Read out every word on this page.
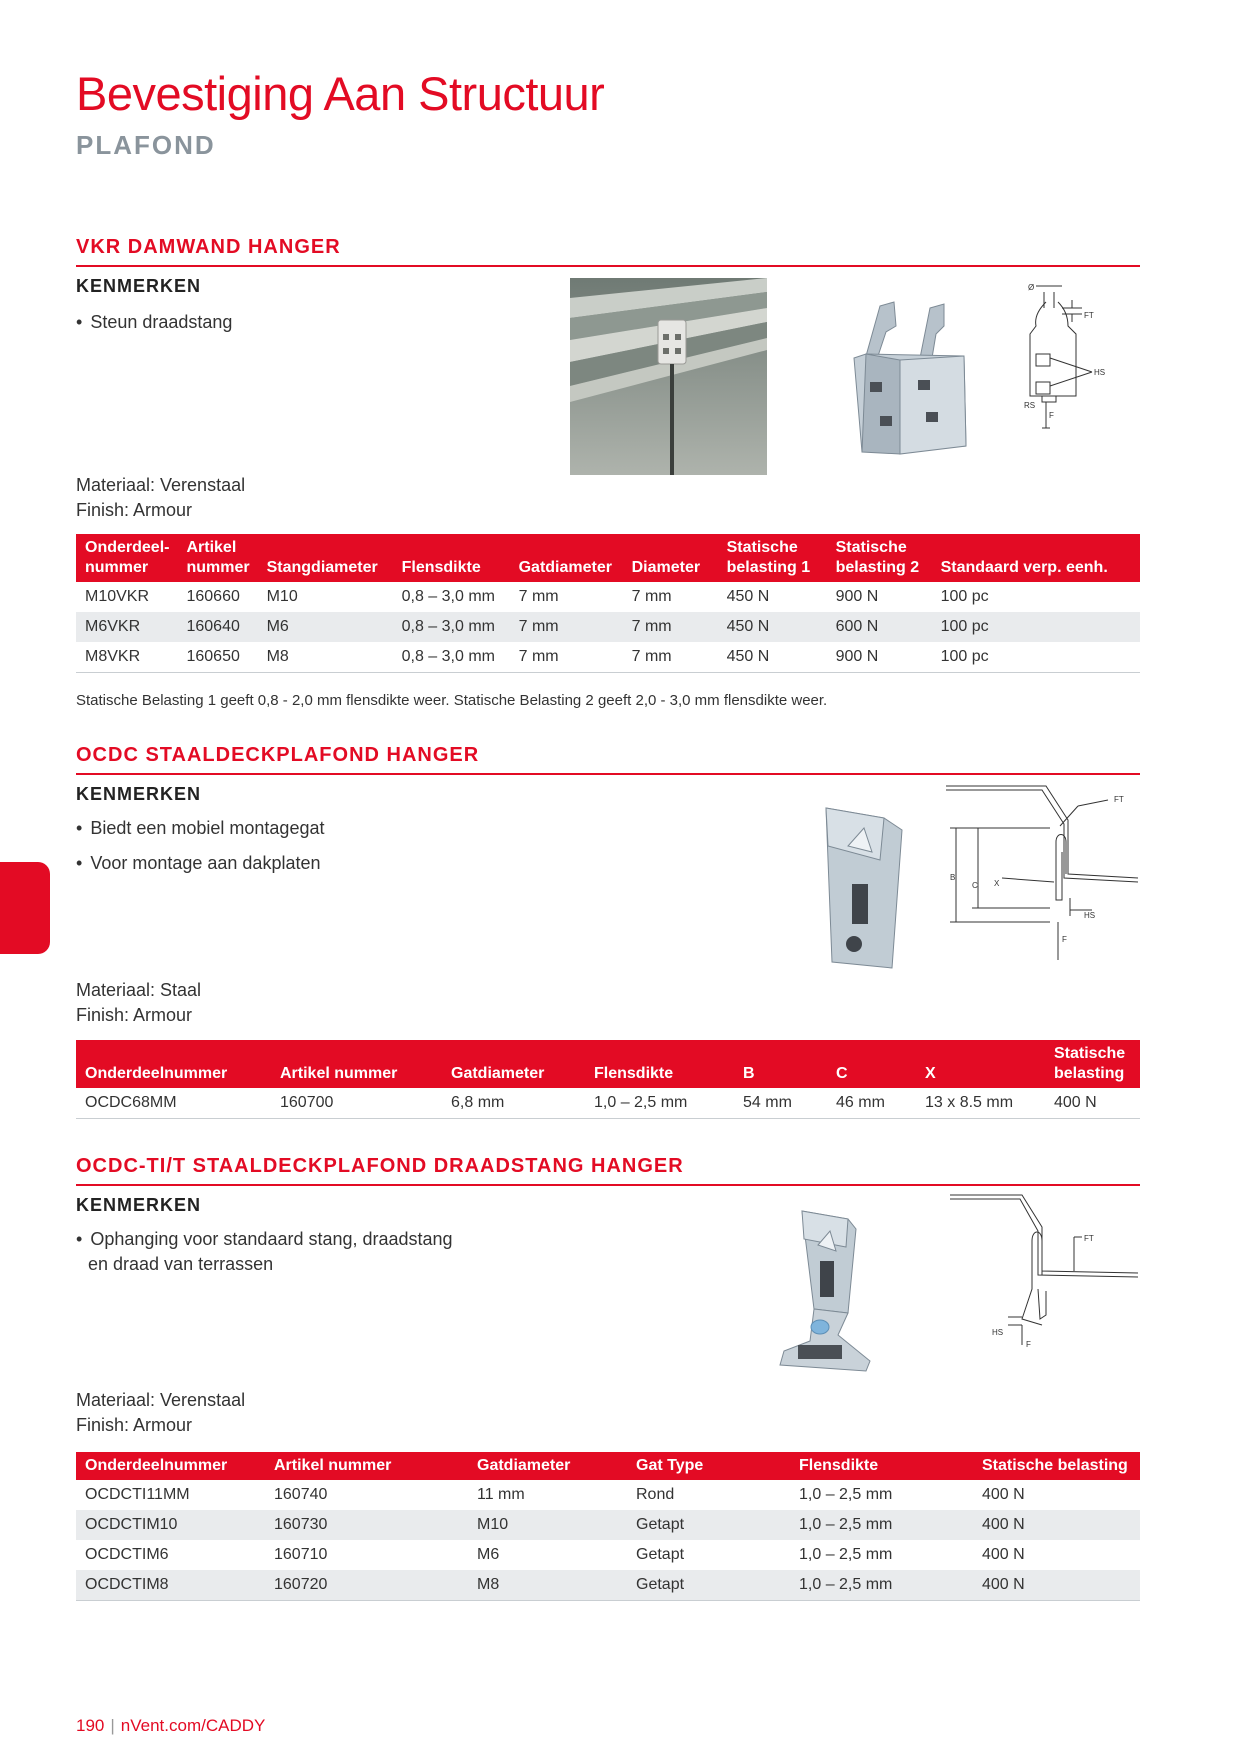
Bevestiging Aan Structuur
PLAFOND
VKR DAMWAND HANGER
KENMERKEN
• Steun draadstang
Ø
FT
HS
RS
F
Materiaal: Verenstaal
Finish: Armour
Onderdeel-
nummer	Artikel
nummer	Stangdiameter	Flensdikte	Gatdiameter	Diameter	Statische
belasting 1	Statische
belasting 2	Standaard verp. eenh.
M10VKR	160660	M10	0,8 – 3,0 mm	7 mm	7 mm	450 N	900 N	100 pc
M6VKR	160640	M6	0,8 – 3,0 mm	7 mm	7 mm	450 N	600 N	100 pc
M8VKR	160650	M8	0,8 – 3,0 mm	7 mm	7 mm	450 N	900 N	100 pc
Statische Belasting 1 geeft 0,8 - 2,0 mm flensdikte weer. Statische Belasting 2 geeft 2,0 - 3,0 mm flensdikte weer.
OCDC STAALDECKPLAFOND HANGER
KENMERKEN
• Biedt een mobiel montagegat
• Voor montage aan dakplaten
FT
B
C X
HS
F
Materiaal: Staal
Finish: Armour
Onderdeelnummer	Artikel nummer	Gatdiameter	Flensdikte	B	C	X	Statische
belasting
OCDC68MM	160700	6,8 mm	1,0 – 2,5 mm	54 mm	46 mm	13 x 8.5 mm	400 N
OCDC-TI/T STAALDECKPLAFOND DRAADSTANG HANGER
KENMERKEN
• Ophanging voor standaard stang, draadstang
en draad van terrassen
FT
HS
F
Materiaal: Verenstaal
Finish: Armour
Onderdeelnummer	Artikel nummer	Gatdiameter	Gat Type	Flensdikte	Statische belasting
OCDCTI11MM	160740	11 mm	Rond	1,0 – 2,5 mm	400 N
OCDCTIM10	160730	M10	Getapt	1,0 – 2,5 mm	400 N
OCDCTIM6	160710	M6	Getapt	1,0 – 2,5 mm	400 N
OCDCTIM8	160720	M8	Getapt	1,0 – 2,5 mm	400 N
190 | nVent.com/CADDY
